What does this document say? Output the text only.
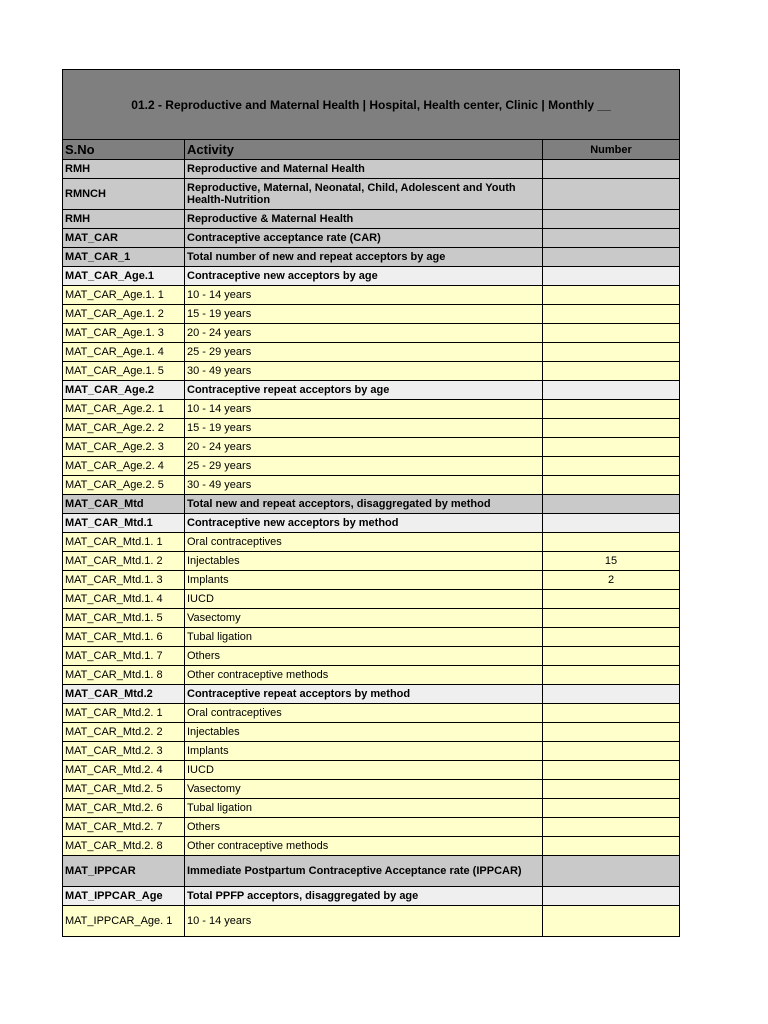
01.2 - Reproductive and Maternal Health | Hospital, Health center, Clinic | Monthly __		
S.No	Activity	Number
RMH	Reproductive and Maternal Health	
RMNCH	Reproductive, Maternal, Neonatal, Child, Adolescent and Youth Health-Nutrition	
RMH	Reproductive & Maternal Health	
MAT_CAR	Contraceptive acceptance rate (CAR)	
MAT_CAR_1	Total number of new and repeat acceptors by age	
MAT_CAR_Age.1	Contraceptive new acceptors by age	
MAT_CAR_Age.1. 1	10 - 14 years	
MAT_CAR_Age.1. 2	15 - 19 years	
MAT_CAR_Age.1. 3	20 - 24 years	
MAT_CAR_Age.1. 4	25 - 29 years	
MAT_CAR_Age.1. 5	30 - 49 years	
MAT_CAR_Age.2	Contraceptive repeat acceptors by age	
MAT_CAR_Age.2. 1	10 - 14 years	
MAT_CAR_Age.2. 2	15 - 19 years	
MAT_CAR_Age.2. 3	20 - 24 years	
MAT_CAR_Age.2. 4	25 - 29 years	
MAT_CAR_Age.2. 5	30 - 49 years	
MAT_CAR_Mtd	Total new and repeat acceptors, disaggregated by method	
MAT_CAR_Mtd.1	Contraceptive new acceptors by method	
MAT_CAR_Mtd.1. 1	Oral contraceptives	
MAT_CAR_Mtd.1. 2	Injectables	15
MAT_CAR_Mtd.1. 3	Implants	2
MAT_CAR_Mtd.1. 4	IUCD	
MAT_CAR_Mtd.1. 5	Vasectomy	
MAT_CAR_Mtd.1. 6	Tubal ligation	
MAT_CAR_Mtd.1. 7	Others	
MAT_CAR_Mtd.1. 8	Other contraceptive methods	
MAT_CAR_Mtd.2	Contraceptive repeat acceptors by method	
MAT_CAR_Mtd.2. 1	Oral contraceptives	
MAT_CAR_Mtd.2. 2	Injectables	
MAT_CAR_Mtd.2. 3	Implants	
MAT_CAR_Mtd.2. 4	IUCD	
MAT_CAR_Mtd.2. 5	Vasectomy	
MAT_CAR_Mtd.2. 6	Tubal ligation	
MAT_CAR_Mtd.2. 7	Others	
MAT_CAR_Mtd.2. 8	Other contraceptive methods	
MAT_IPPCAR	Immediate Postpartum Contraceptive Acceptance rate (IPPCAR)	
MAT_IPPCAR_Age	Total PPFP acceptors, disaggregated by age	
MAT_IPPCAR_Age. 1	10 - 14 years	
